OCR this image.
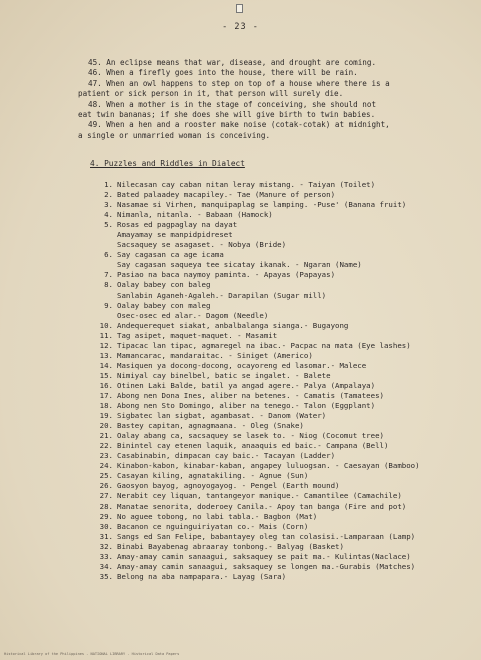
- 23 -
45. An eclipse means that war, disease, and drought are coming.
46. When a firefly goes into the house, there will be rain.
47. When an owl happens to step on top of a house where there is a
patient or sick person in it, that person will surely die.
48. When a mother is in the stage of conceiving, she should not
eat twin bananas; if she does she will give birth to twin babies.
49. When a hen and a rooster make noise (cotak-cotak) at midnight,
a single or unmarried woman is conceiving.
4. Puzzles and Riddles in Dialect
1. Nilecasan cay caban nitan leray mistang. - Taiyan (Toilet)
2. Bated palaadey macapiley.- Tae (Manure of person)
3. Nasamae si Virhen, manquipaplag se lamping. -Puse' (Banana fruit)
4. Nimanla, nitanla. - Babaan (Hamock)
5. Rosas ed pagpaglay na dayat
Amayamay se manpidpidreset
Sacsaquey se asagaset. - Nobya (Bride)
6. Say cagasan ca age icama
Say cagasan saqueya tee sicatay ikanak. - Ngaran (Name)
7. Pasiao na baca naymoy paminta. - Apayas (Papayas)
8. Oalay babey con baleg
Sanlabin Aganeh-Agaleh.- Darapilan (Sugar mill)
9. Oalay babey con maleg
Osec-osec ed alar.- Dagom (Needle)
10. Andequerequet siakat, anbalbalanga sianga.- Bugayong
11. Tag asipet, maquet-maquet. - Masamit
12. Tipacac lan tipac, agmaregel na ibac.- Pacpac na mata (Eye lashes)
13. Mamancarac, mandaraitac. - Siniget (Americo)
14. Masiquen ya docong-docong, ocayoreng ed lasomar.- Malece
15. Nimiyal cay binelbel, batic se ingalet. - Balete
16. Otinen Laki Balde, batil ya angad agere.- Palya (Ampalaya)
17. Abong nen Dona Ines, aliber na betenes. - Camatis (Tamatees)
18. Abong nen Sto Domingo, aliber na tenego.- Talon (Eggplant)
19. Sigbatec lan sigbat, agambasat. - Danom (Water)
20. Bastey capitan, agnagmaana. - Oleg (Snake)
21. Oalay abang ca, sacsaquey se lasek to. - Niog (Cocomut tree)
22. Binintel cay etenen laquik, anaaquis ed baic.- Campana (Bell)
23. Casabinabin, dimpacan cay baic.- Tacayan (Ladder)
24. Kinabon-kabon, kinabar-kaban, angapey luluogsan. - Caesayan (Bamboo)
25. Casayan kiling, agnatakiling. - Agnue (Sun)
26. Gaosyon bayog, agnoyogayog. - Pengel (Earth mound)
27. Nerabit cey liquan, tantangeyor manique.- Camantilee (Camachile)
28. Manatae senorita, doderoey Canila.- Apoy tan banga (Fire and pot)
29. No aguee tobong, no labi tabla.- Bagbon (Mat)
30. Bacanon ce nguinguiriyatan co.- Mais (Corn)
31. Sangs ed San Felipe, babantayey oleg tan colasisi.-Lamparaan (Lamp)
32. Binabi Bayabenag abraaray tonbong.- Balyag (Basket)
33. Amay-amay camin sanaagui, saksaquey se pait ma.- Kulintas(Naclace)
34. Amay-amay camin sanaagui, saksaquey se longen ma.-Gurabis (Matches)
35. Belong na aba nampapara.- Layag (Sara)
Historical Library of the Philippines - NATIONAL LIBRARY - Historical Data Papers
